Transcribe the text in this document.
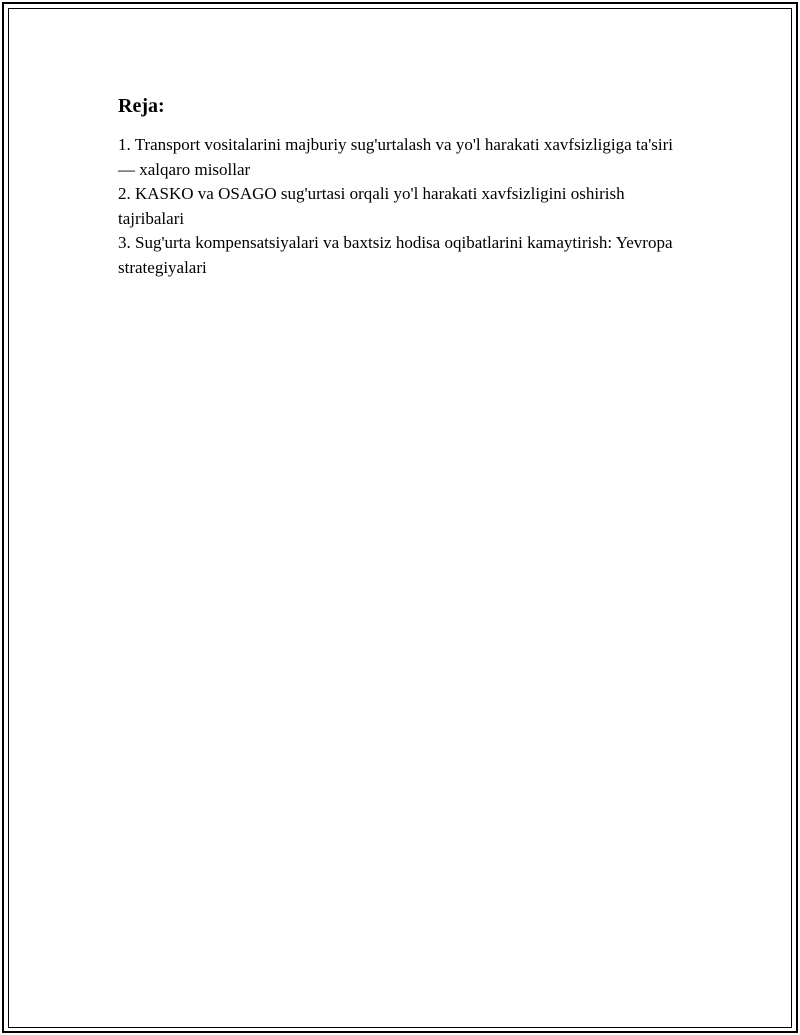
Reja:
1. Transport vositalarini majburiy sug'urtalash va yo'l harakati xavfsizligiga ta'siri — xalqaro misollar
2. KASKO va OSAGO sug'urtasi orqali yo'l harakati xavfsizligini oshirish tajribalari
3. Sug'urta kompensatsiyalari va baxtsiz hodisa oqibatlarini kamaytirish: Yevropa strategiyalari
